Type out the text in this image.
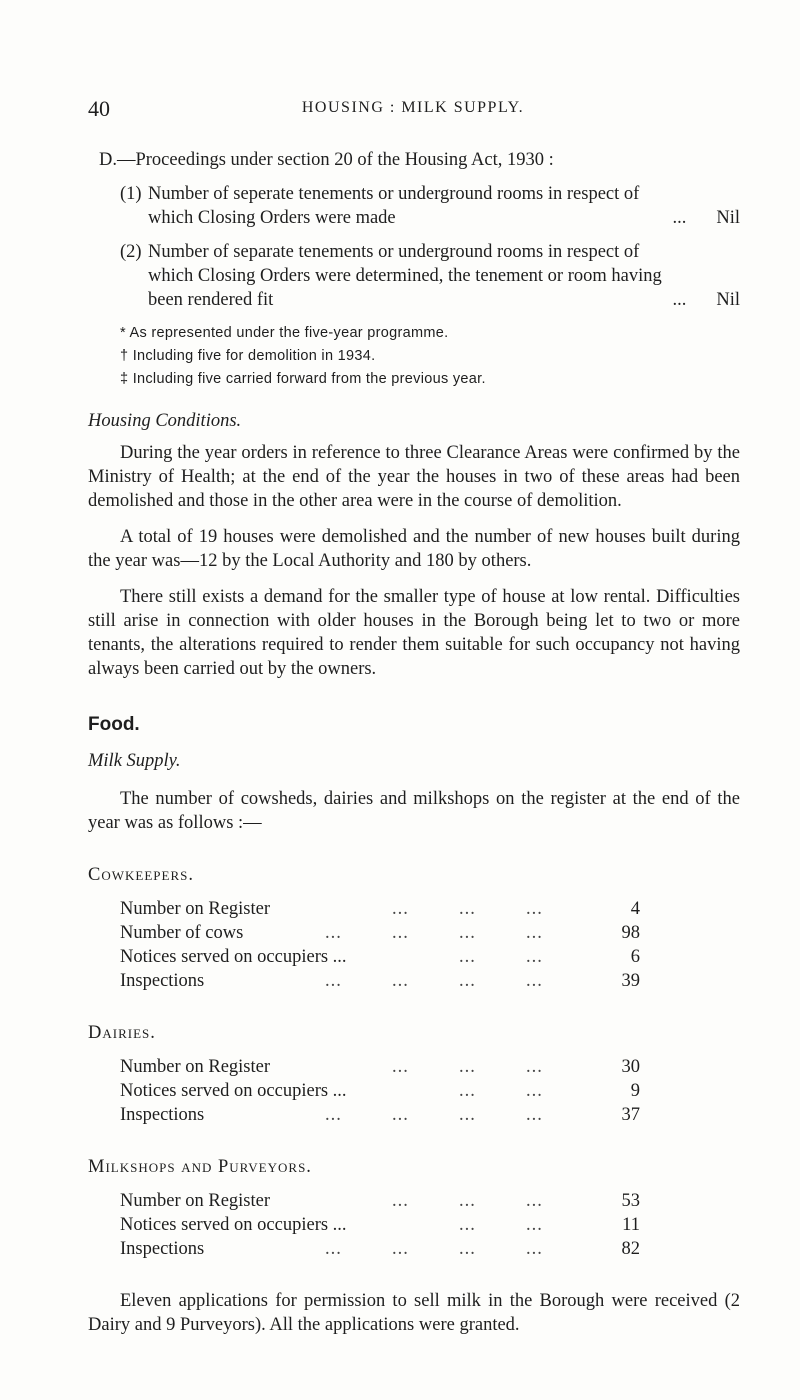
40	HOUSING : MILK SUPPLY.

D.—Proceedings under section 20 of the Housing Act, 1930 :

(1) Number of seperate tenements or underground rooms in respect of which Closing Orders were made	... Nil
(2) Number of separate tenements or underground rooms in respect of which Closing Orders were determined, the tenement or room having been rendered fit	... Nil
* As represented under the five-year programme.
† Including five for demolition in 1934.
‡ Including five carried forward from the previous year.

Housing Conditions.

During the year orders in reference to three Clearance Areas were confirmed by the Ministry of Health; at the end of the year the houses in two of these areas had been demolished and those in the other area were in the course of demolition.

A total of 19 houses were demolished and the number of new houses built during the year was—12 by the Local Authority and 180 by others.

There still exists a demand for the smaller type of house at low rental. Difficulties still arise in connection with older houses in the Borough being let to two or more tenants, the alterations required to render them suitable for such occupancy not having always been carried out by the owners.

Food.

Milk Supply.

The number of cowsheds, dairies and milkshops on the register at the end of the year was as follows :—

Cowkeepers.

Number on Register	...	...	...	4
Number of cows	...	...	...	...	98
Notices served on occupiers ...	...	...	6
Inspections	...	...	...	...	39

Dairies.

Number on Register	...	...	...	30
Notices served on occupiers ...	...	...	9
Inspections	...	...	...	...	37

Milkshops and Purveyors.

Number on Register	...	...	...	53
Notices served on occupiers ...	...	...	11
Inspections	...	...	...	...	82

Eleven applications for permission to sell milk in the Borough were received (2 Dairy and 9 Purveyors). All the applications were granted.
